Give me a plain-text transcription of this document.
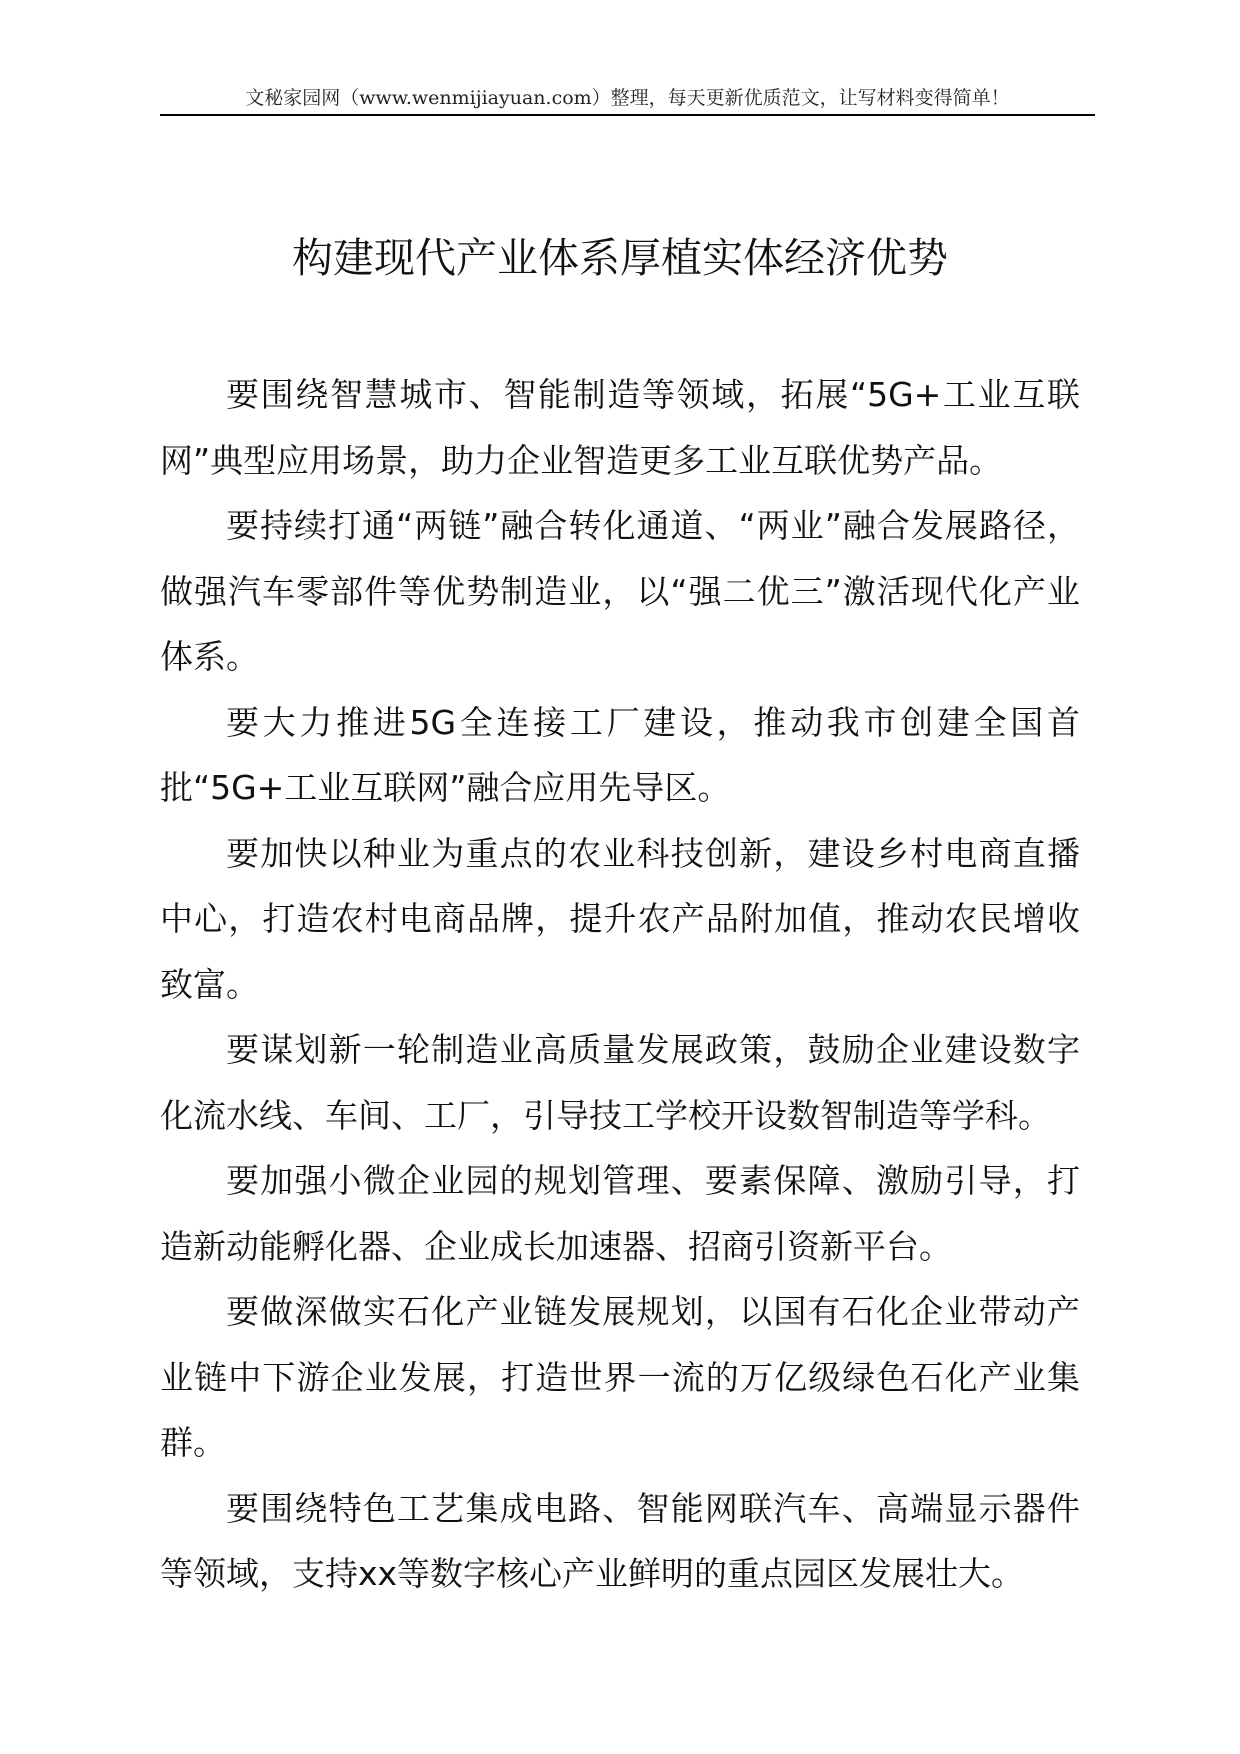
文秘家园网（www.wenmijiayuan.com）整理，每天更新优质范文，让写材料变得简单！
构建现代产业体系厚植实体经济优势

要围绕智慧城市、智能制造等领域，拓展“5G+工业互联网”典型应用场景，助力企业智造更多工业互联优势产品。

要持续打通“两链”融合转化通道、“两业”融合发展路径，做强汽车零部件等优势制造业，以“强二优三”激活现代化产业体系。

要大力推进5G全连接工厂建设，推动我市创建全国首批“5G+工业互联网”融合应用先导区。

要加快以种业为重点的农业科技创新，建设乡村电商直播中心，打造农村电商品牌，提升农产品附加值，推动农民增收致富。

要谋划新一轮制造业高质量发展政策，鼓励企业建设数字化流水线、车间、工厂，引导技工学校开设数智制造等学科。

要加强小微企业园的规划管理、要素保障、激励引导，打造新动能孵化器、企业成长加速器、招商引资新平台。

要做深做实石化产业链发展规划，以国有石化企业带动产业链中下游企业发展，打造世界一流的万亿级绿色石化产业集群。

要围绕特色工艺集成电路、智能网联汽车、高端显示器件等领域，支持xx等数字核心产业鲜明的重点园区发展壮大。
